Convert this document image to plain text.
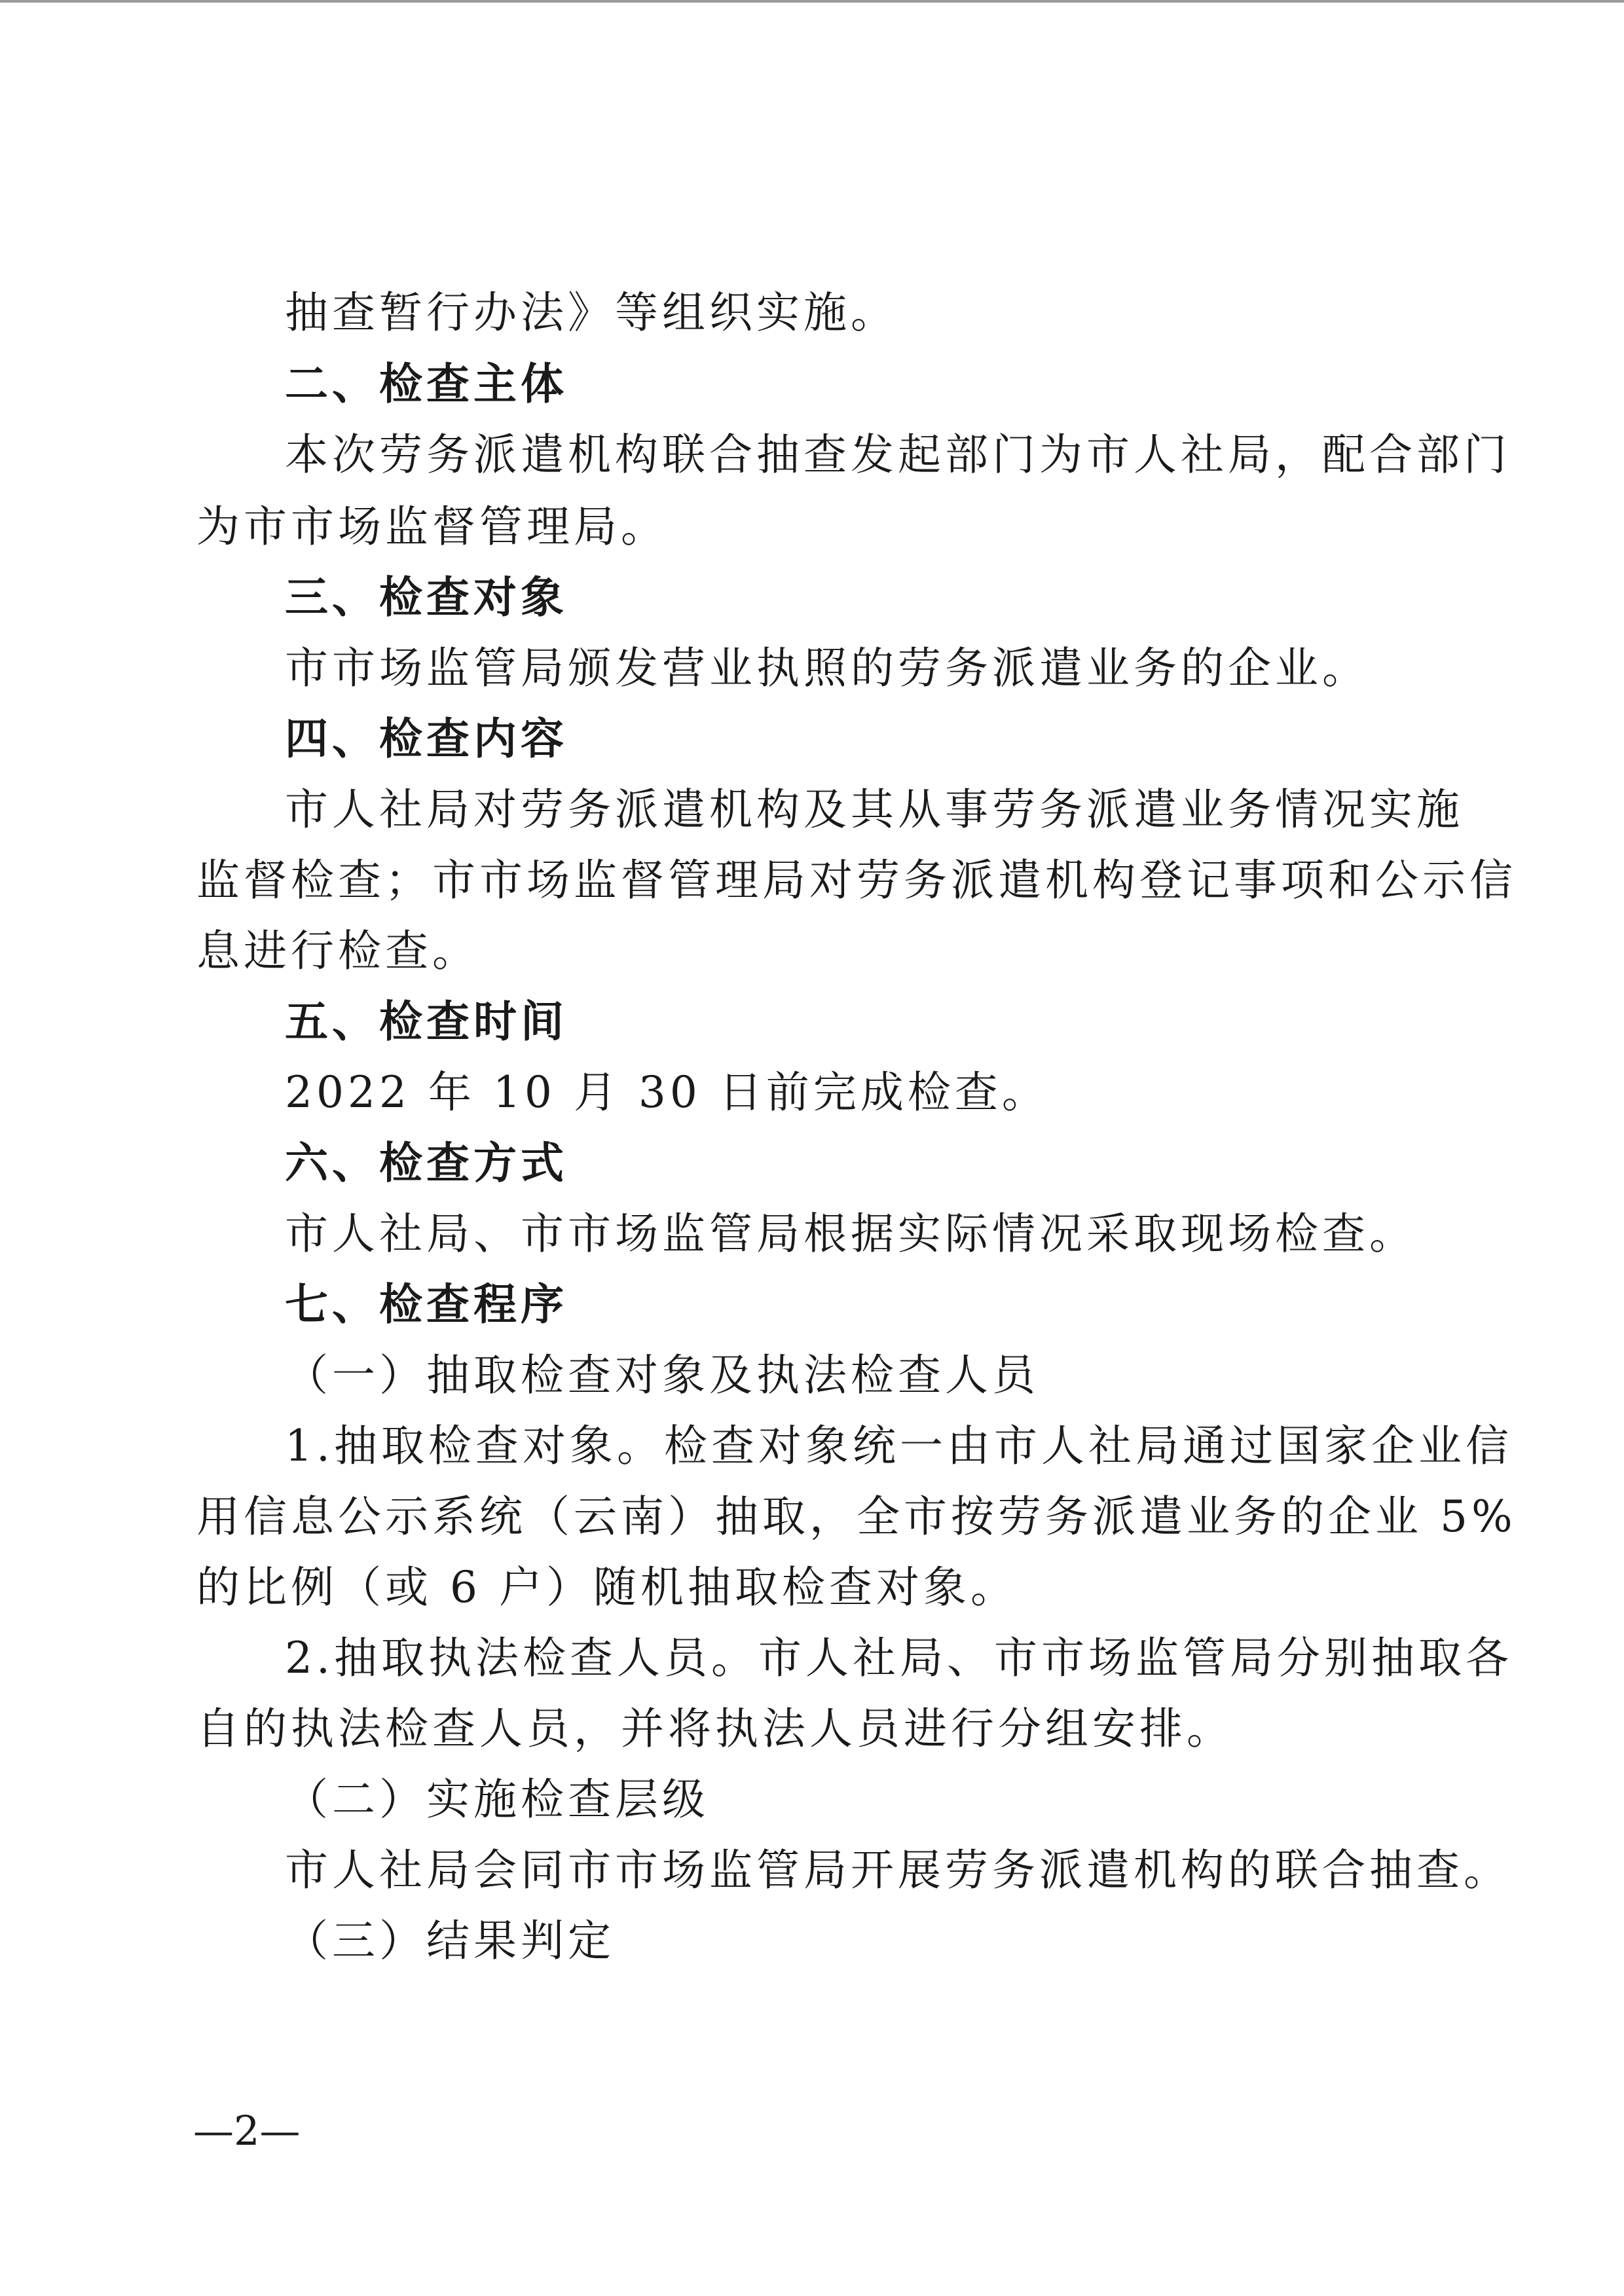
抽查暂行办法》等组织实施。
二、检查主体
本次劳务派遣机构联合抽查发起部门为市人社局，配合部门
为市市场监督管理局。
三、检查对象
市市场监管局颁发营业执照的劳务派遣业务的企业。
四、检查内容
市人社局对劳务派遣机构及其从事劳务派遣业务情况实施
监督检查；市市场监督管理局对劳务派遣机构登记事项和公示信
息进行检查。
五、检查时间
2022 年 10 月 30 日前完成检查。
六、检查方式
市人社局、市市场监管局根据实际情况采取现场检查。
七、检查程序
（一）抽取检查对象及执法检查人员
1.抽取检查对象。检查对象统一由市人社局通过国家企业信
用信息公示系统（云南）抽取，全市按劳务派遣业务的企业 5%
的比例（或 6 户）随机抽取检查对象。
2.抽取执法检查人员。市人社局、市市场监管局分别抽取各
自的执法检查人员，并将执法人员进行分组安排。
（二）实施检查层级
市人社局会同市市场监管局开展劳务派遣机构的联合抽查。
（三）结果判定
—2—
